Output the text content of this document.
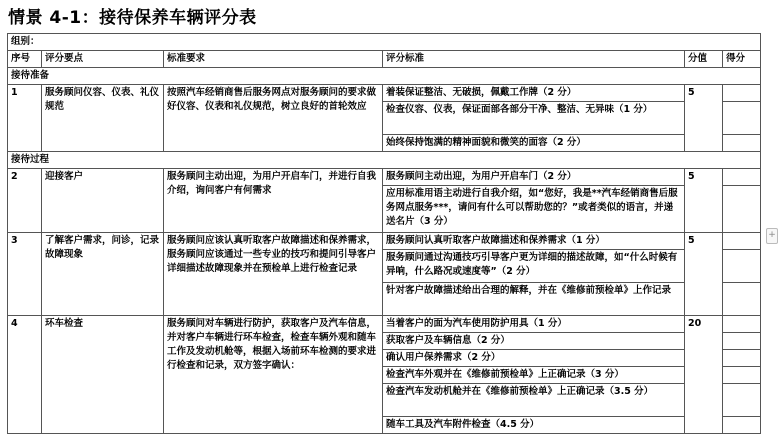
情景 4-1：接待保养车辆评分表
组别：					
序号	评分要点	标准要求	评分标准	分值	得分
接待准备					
1	服务顾问仪容、仪表、礼仪规范	按照汽车经销商售后服务网点对服务顾问的要求做好仪容、仪表和礼仪规范，树立良好的首轮效应	着装保证整洁、无破损，佩戴工作牌（2 分）	5	
			检查仪容、仪表，保证面部各部分干净、整洁、无异味（1 分）		
			始终保持饱满的精神面貌和微笑的面容（2 分）		
接待过程					
2	迎接客户	服务顾问主动出迎，为用户开启车门，并进行自我介绍，询问客户有何需求	服务顾问主动出迎，为用户开启车门（2 分）	5	
			应用标准用语主动进行自我介绍，如“您好，我是**汽车经销商售后服务网点服务***，请问有什么可以帮助您的？”或者类似的语言，并递送名片（3 分）		
3	了解客户需求，问诊，记录故障现象	服务顾问应该认真听取客户故障描述和保养需求，服务顾问应该通过一些专业的技巧和提问引导客户详细描述故障现象并在预检单上进行检查记录	服务顾问认真听取客户故障描述和保养需求（1 分）	5	
			服务顾问通过沟通技巧引导客户更为详细的描述故障，如“什么时候有异响，什么路况或速度等”（2 分）		
			针对客户故障描述给出合理的解释，并在《维修前预检单》上作记录		
4	环车检查	服务顾问对车辆进行防护，获取客户及汽车信息，并对客户车辆进行环车检查，检查车辆外观和随车工作及发动机舱等，根据入场前环车检测的要求进行检查和记录，双方签字确认：	当着客户的面为汽车使用防护用具（1 分）	20	
			获取客户及车辆信息（2 分）		
			确认用户保养需求（2 分）		
			检查汽车外观并在《维修前预检单》上正确记录（3 分）		
			检查汽车发动机舱并在《维修前预检单》上正确记录（3.5 分）		
			随车工具及汽车附件检查（4.5 分）		
+
